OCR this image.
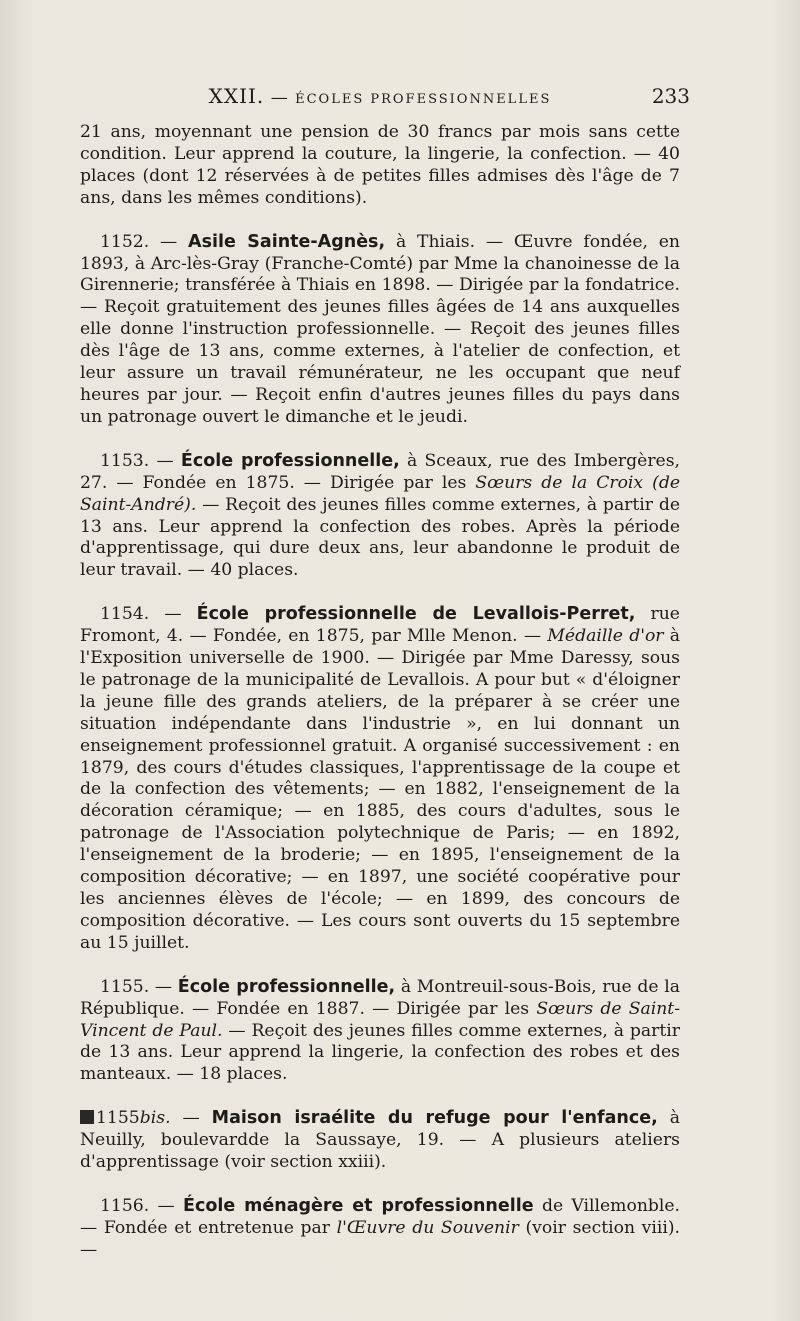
XXII. — ÉCOLES PROFESSIONNELLES	233

21 ans, moyennant une pension de 30 francs par mois sans cette condition. Leur apprend la couture, la lingerie, la confection. — 40 places (dont 12 réservées à de petites filles admises dès l'âge de 7 ans, dans les mêmes conditions).

1152. — Asile Sainte-Agnès, à Thiais. — Œuvre fondée, en 1893, à Arc-lès-Gray (Franche-Comté) par Mme la chanoinesse de la Girennerie; transférée à Thiais en 1898. — Dirigée par la fondatrice. — Reçoit gratuitement des jeunes filles âgées de 14 ans auxquelles elle donne l'instruction professionnelle. — Reçoit des jeunes filles dès l'âge de 13 ans, comme externes, à l'atelier de confection, et leur assure un travail rémunérateur, ne les occupant que neuf heures par jour. — Reçoit enfin d'autres jeunes filles du pays dans un patronage ouvert le dimanche et le jeudi.

1153. — École professionnelle, à Sceaux, rue des Imbergères, 27. — Fondée en 1875. — Dirigée par les Sœurs de la Croix (de Saint-André). — Reçoit des jeunes filles comme externes, à partir de 13 ans. Leur apprend la confection des robes. Après la période d'apprentissage, qui dure deux ans, leur abandonne le produit de leur travail. — 40 places.

1154. — École professionnelle de Levallois-Perret, rue Fromont, 4. — Fondée, en 1875, par Mlle Menon. — Médaille d'or à l'Exposition universelle de 1900. — Dirigée par Mme Daressy, sous le patronage de la municipalité de Levallois. A pour but « d'éloigner la jeune fille des grands ateliers, de la préparer à se créer une situation indépendante dans l'industrie », en lui donnant un enseignement professionnel gratuit. A organisé successivement : en 1879, des cours d'études classiques, l'apprentissage de la coupe et de la confection des vêtements; — en 1882, l'enseignement de la décoration céramique; — en 1885, des cours d'adultes, sous le patronage de l'Association polytechnique de Paris; — en 1892, l'enseignement de la broderie; — en 1895, l'enseignement de la composition décorative; — en 1897, une société coopérative pour les anciennes élèves de l'école; — en 1899, des concours de composition décorative. — Les cours sont ouverts du 15 septembre au 15 juillet.

1155. — École professionnelle, à Montreuil-sous-Bois, rue de la République. — Fondée en 1887. — Dirigée par les Sœurs de Saint-Vincent de Paul. — Reçoit des jeunes filles comme externes, à partir de 13 ans. Leur apprend la lingerie, la confection des robes et des manteaux. — 18 places.

1155bis. — Maison israélite du refuge pour l'enfance, à Neuilly, boulevardde la Saussaye, 19. — A plusieurs ateliers d'apprentissage (voir section xxiii).

1156. — École ménagère et professionnelle de Villemonble. — Fondée et entretenue par l'Œuvre du Souvenir (voir section viii). —
